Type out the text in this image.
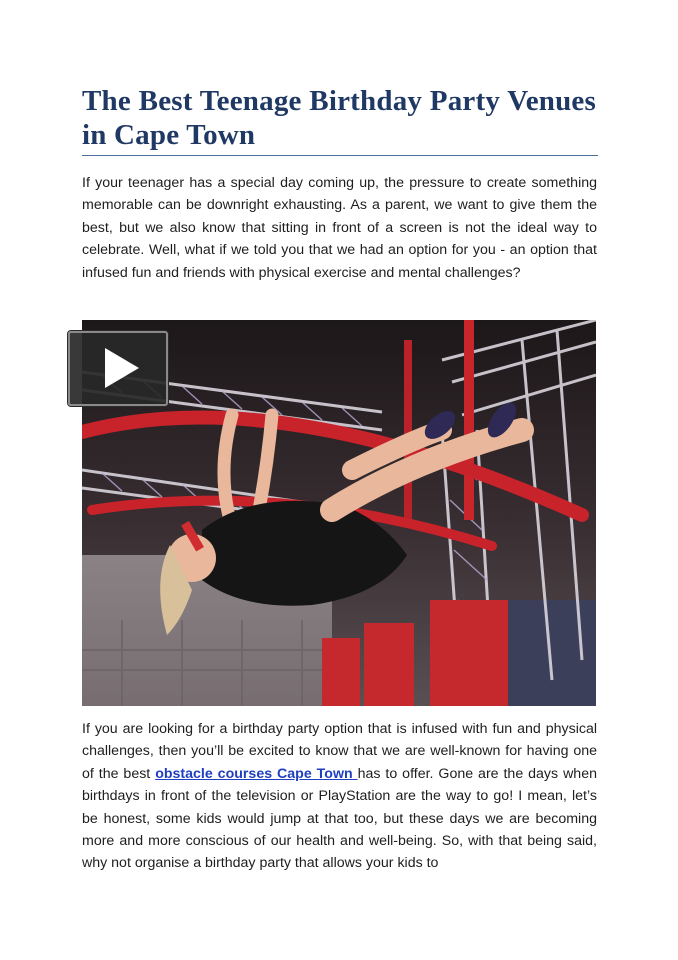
The Best Teenage Birthday Party Venues in Cape Town

If your teenager has a special day coming up, the pressure to create something memorable can be downright exhausting. As a parent, we want to give them the best, but we also know that sitting in front of a screen is not the ideal way to celebrate. Well, what if we told you that we had an option for you - an option that infused fun and friends with physical exercise and mental challenges?

If you are looking for a birthday party option that is infused with fun and physical challenges, then you’ll be excited to know that we are well-known for having one of the best obstacle courses Cape Town has to offer. Gone are the days when birthdays in front of the television or PlayStation are the way to go! I mean, let’s be honest, some kids would jump at that too, but these days we are becoming more and more conscious of our health and well-being. So, with that being said, why not organise a birthday party that allows your kids to
